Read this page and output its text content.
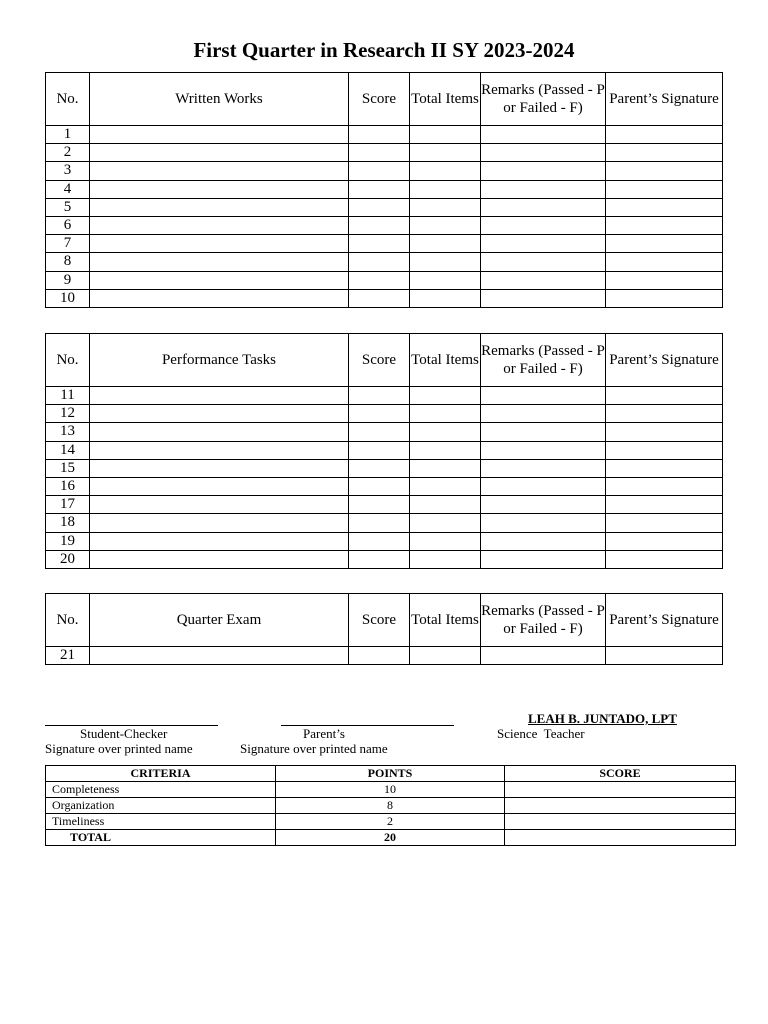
First Quarter in Research II SY 2023-2024
No.	Written Works	Score	Total Items	Remarks (Passed - P or Failed - F)	Parent’s Signature
1					
2					
3					
4					
5					
6					
7					
8					
9					
10					
No.	Performance Tasks	Score	Total Items	Remarks (Passed - P or Failed - F)	Parent’s Signature
11					
12					
13					
14					
15					
16					
17					
18					
19					
20					
No.	Quarter Exam	Score	Total Items	Remarks (Passed - P or Failed - F)	Parent’s Signature
21					
Student-Checker
Signature over printed name
Parent’s
Signature over printed name
LEAH B. JUNTADO, LPT
Science  Teacher
CRITERIA	POINTS	SCORE
Completeness	10	
Organization	8	
Timeliness	2	
TOTAL	20	
